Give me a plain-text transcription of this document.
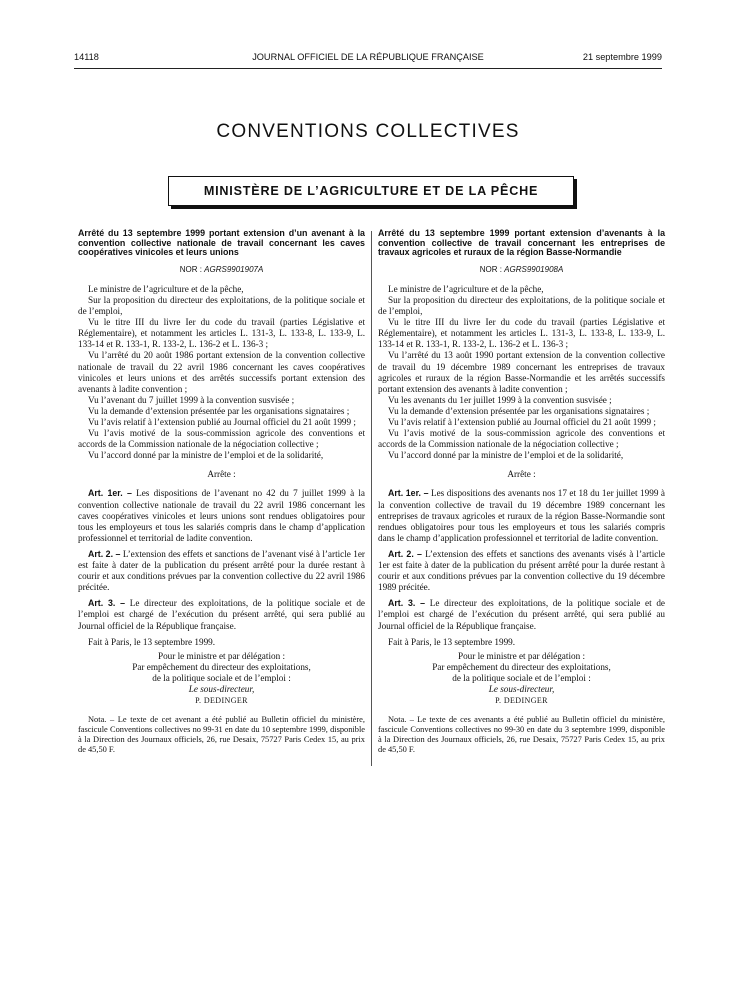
14118	JOURNAL OFFICIEL DE LA RÉPUBLIQUE FRANÇAISE	21 septembre 1999
CONVENTIONS COLLECTIVES
MINISTÈRE DE L’AGRICULTURE ET DE LA PÊCHE

Arrêté du 13 septembre 1999 portant extension d’un avenant à la convention collective nationale de travail concernant les caves coopératives vinicoles et leurs unions

NOR : AGRS9901907A

Le ministre de l’agriculture et de la pêche,

Sur la proposition du directeur des exploitations, de la politique sociale et de l’emploi,

Vu le titre III du livre Ier du code du travail (parties Législative et Réglementaire), et notamment les articles L. 131-3, L. 133-8, L. 133-9, L. 133-14 et R. 133-1, R. 133-2, L. 136-2 et L. 136-3 ;

Vu l’arrêté du 20 août 1986 portant extension de la convention collective nationale de travail du 22 avril 1986 concernant les caves coopératives vinicoles et leurs unions et des arrêtés successifs portant extension des avenants à ladite convention ;

Vu l’avenant du 7 juillet 1999 à la convention susvisée ;

Vu la demande d’extension présentée par les organisations signataires ;

Vu l’avis relatif à l’extension publié au Journal officiel du 21 août 1999 ;

Vu l’avis motivé de la sous-commission agricole des conventions et accords de la Commission nationale de la négociation collective ;

Vu l’accord donné par la ministre de l’emploi et de la solidarité,

Arrête :

Art. 1er. – Les dispositions de l’avenant no 42 du 7 juillet 1999 à la convention collective nationale de travail du 22 avril 1986 concernant les caves coopératives vinicoles et leurs unions sont rendues obligatoires pour tous les employeurs et tous les salariés compris dans le champ d’application professionnel et territorial de ladite convention.

Art. 2. – L’extension des effets et sanctions de l’avenant visé à l’article 1er est faite à dater de la publication du présent arrêté pour la durée restant à courir et aux conditions prévues par la convention collective du 22 avril 1986 précitée.

Art. 3. – Le directeur des exploitations, de la politique sociale et de l’emploi est chargé de l’exécution du présent arrêté, qui sera publié au Journal officiel de la République française.

Fait à Paris, le 13 septembre 1999.

Pour le ministre et par délégation :

Par empêchement du directeur des exploitations,

de la politique sociale et de l’emploi :

Le sous-directeur,

P. DEDINGER

Nota. – Le texte de cet avenant a été publié au Bulletin officiel du ministère, fascicule Conventions collectives no 99-31 en date du 10 septembre 1999, disponible à la Direction des Journaux officiels, 26, rue Desaix, 75727 Paris Cedex 15, au prix de 45,50 F.

Arrêté du 13 septembre 1999 portant extension d’avenants à la convention collective de travail concernant les entreprises de travaux agricoles et ruraux de la région Basse-Normandie

NOR : AGRS9901908A

Le ministre de l’agriculture et de la pêche,

Sur la proposition du directeur des exploitations, de la politique sociale et de l’emploi,

Vu le titre III du livre Ier du code du travail (parties Législative et Réglementaire), et notamment les articles L. 131-3, L. 133-8, L. 133-9, L. 133-14 et R. 133-1, R. 133-2, L. 136-2 et L. 136-3 ;

Vu l’arrêté du 13 août 1990 portant extension de la convention collective de travail du 19 décembre 1989 concernant les entreprises de travaux agricoles et ruraux de la région Basse-Normandie et les arrêtés successifs portant extension des avenants à ladite convention ;

Vu les avenants du 1er juillet 1999 à la convention susvisée ;

Vu la demande d’extension présentée par les organisations signataires ;

Vu l’avis relatif à l’extension publié au Journal officiel du 21 août 1999 ;

Vu l’avis motivé de la sous-commission agricole des conventions et accords de la Commission nationale de la négociation collective ;

Vu l’accord donné par la ministre de l’emploi et de la solidarité,

Arrête :

Art. 1er. – Les dispositions des avenants nos 17 et 18 du 1er juillet 1999 à la convention collective de travail du 19 décembre 1989 concernant les entreprises de travaux agricoles et ruraux de la région Basse-Normandie sont rendues obligatoires pour tous les employeurs et tous les salariés compris dans le champ d’application professionnel et territorial de ladite convention.

Art. 2. – L’extension des effets et sanctions des avenants visés à l’article 1er est faite à dater de la publication du présent arrêté pour la durée restant à courir et aux conditions prévues par la convention collective du 19 décembre 1989 précitée.

Art. 3. – Le directeur des exploitations, de la politique sociale et de l’emploi est chargé de l’exécution du présent arrêté, qui sera publié au Journal officiel de la République française.

Fait à Paris, le 13 septembre 1999.

Pour le ministre et par délégation :

Par empêchement du directeur des exploitations,

de la politique sociale et de l’emploi :

Le sous-directeur,

P. DEDINGER

Nota. – Le texte de ces avenants a été publié au Bulletin officiel du ministère, fascicule Conventions collectives no 99-30 en date du 3 septembre 1999, disponible à la Direction des Journaux officiels, 26, rue Desaix, 75727 Paris Cedex 15, au prix de 45,50 F.
